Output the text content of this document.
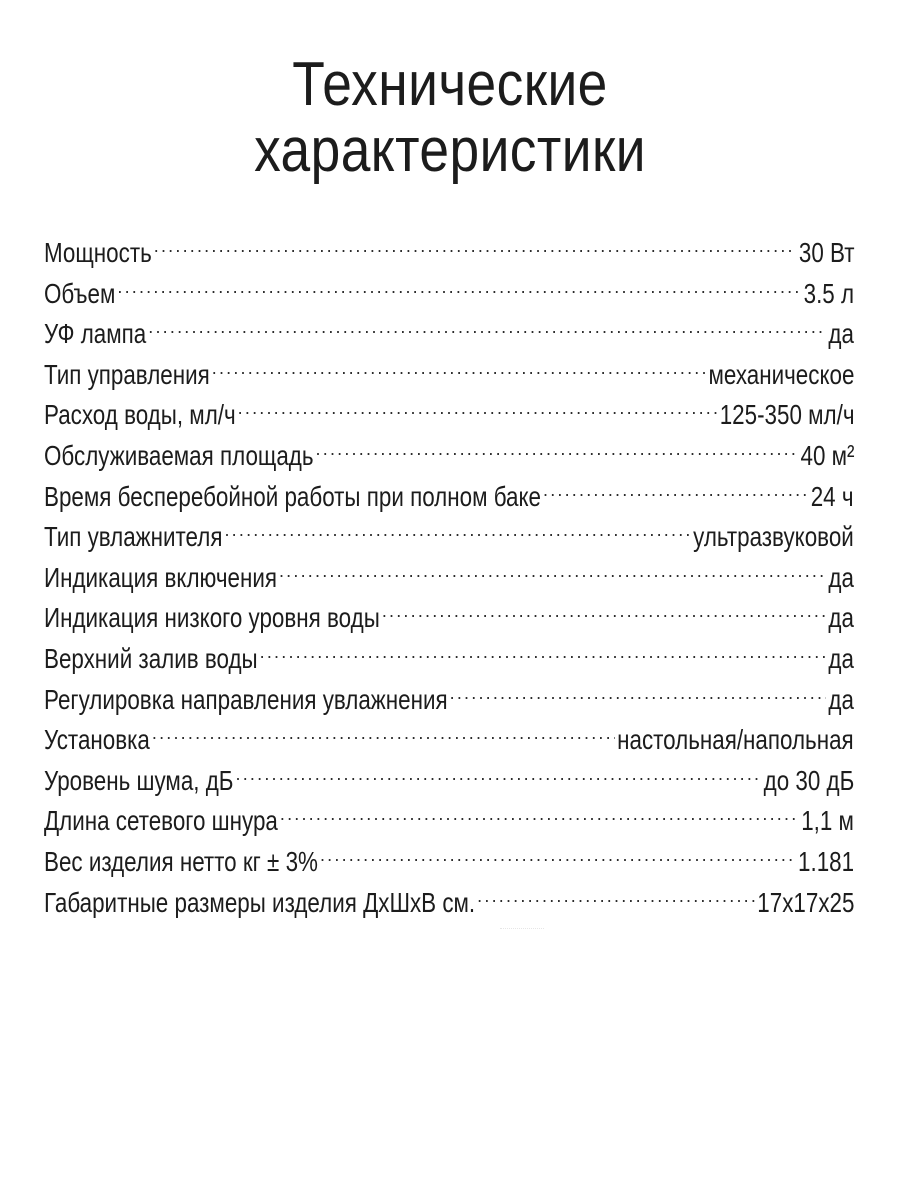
Технические
характеристики
Мощность . . .	30 Вт
Объем . . .	3.5 л
УФ лампа . . .	да
Тип управления . . .	механическое
Расход воды, мл/ч . . .	125-350 мл/ч
Обслуживаемая площадь . . .	40 м²
Время бесперебойной работы при полном баке . . .	24 ч
Тип увлажнителя . . .	ультразвуковой
Индикация включения . . .	да
Индикация низкого уровня воды . . .	да
Верхний залив воды . . .	да
Регулировка направления увлажнения . . .	да
Установка . . .	настольная/напольная
Уровень шума, дБ . . .	до 30 дБ
Длина сетевого шнура . . .	1,1 м
Вес изделия нетто кг ± 3% . . .	1.181
Габаритные размеры изделия ДхШхВ см. . . .	17x17x25
